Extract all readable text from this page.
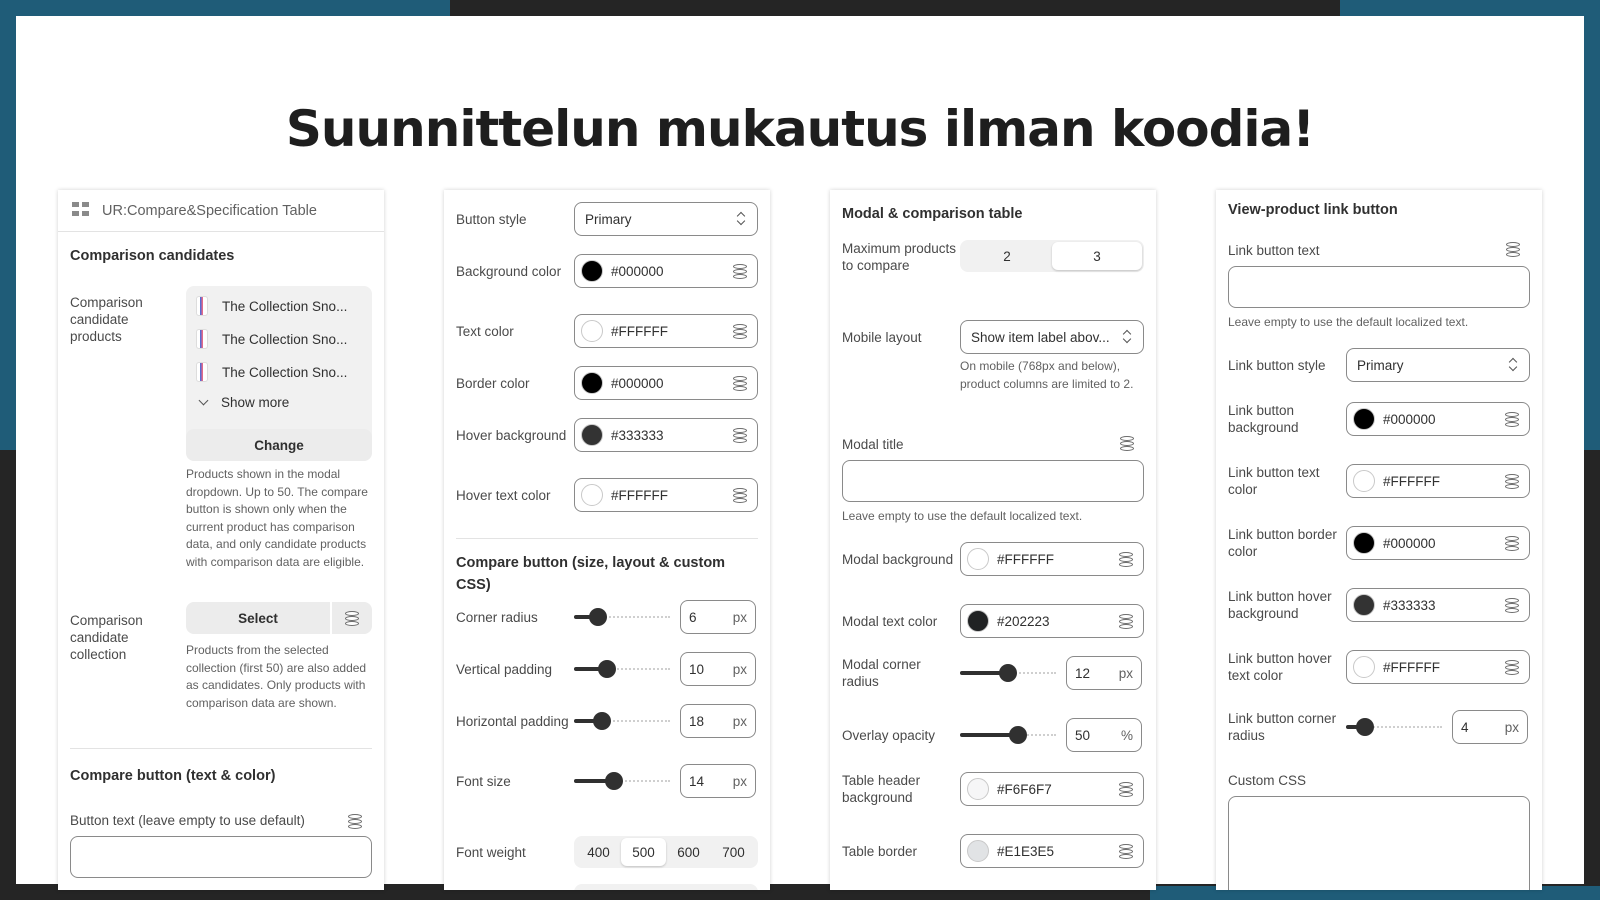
Suunnittelun mukautus ilman koodia!
UR:Compare&Specification Table
Comparison candidates
Comparison candidate products
The Collection Sno...
The Collection Sno...
The Collection Sno...
Show more
Change
Products shown in the modal dropdown. Up to 50. The compare button is shown only when the current product has comparison data, and only candidate products with comparison data are eligible.
Comparison candidate collection
Select
Products from the selected collection (first 50) are also added as candidates. Only products with comparison data are shown.
Compare button (text & color)
Button text (leave empty to use default)
Button style	Primary
Background color	#000000
Text color	#FFFFFF
Border color	#000000
Hover background	#333333
Hover text color	#FFFFFF
Compare button (size, layout & custom CSS)
Corner radius	6	px
Vertical padding	10 px
Horizontal padding	18 px
Font size	14 px
Font weight	400	500	600	700
Modal & comparison table
Maximum products to compare
2	3
Mobile layout	Show item label abov...
On mobile (768px and below), product columns are limited to 2.
Modal title
Leave empty to use the default localized text.
Modal background	#FFFFFF
Modal text color	#202223
Modal corner radius
12 px
Overlay opacity	50 %
Table header background
#F6F6F7
Table border	#E1E3E5
View-product link button
Link button text
Leave empty to use the default localized text.
Link button style	Primary
Link button background
#000000
Link button text color
#FFFFFF
Link button border color
#000000
Link button hover background
#333333
Link button hover text color
#FFFFFF
Link button corner radius
4	px
Custom CSS
